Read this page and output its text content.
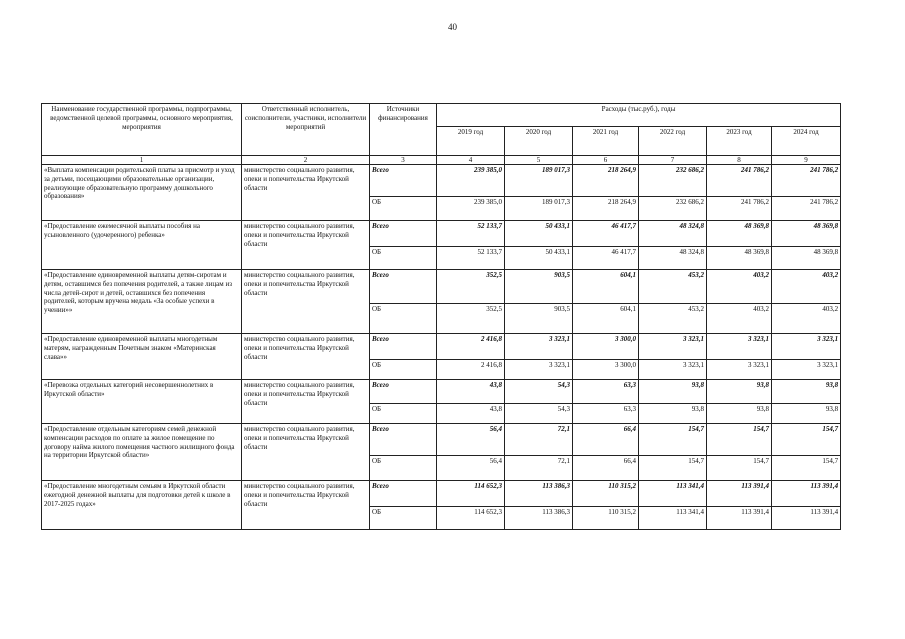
40
Наименование государственной программы, подпрограммы, ведомственной целевой программы, основного мероприятия, мероприятия	Ответственный исполнитель, соисполнители, участники, исполнители мероприятий	Источники финансирования	Расходы (тыс.руб.), годы					
			2019 год	2020 год	2021 год	2022 год	2023 год	2024 год
1	2	3	4	5	6	7	8	9
«Выплата компенсации родительской платы за присмотр и уход за детьми, посещающими образовательные организации, реализующие образовательную программу дошкольного образования»	министерство социального развития, опеки и попечительства Иркутской области	Всего	239 385,0	189 017,3	218 264,9	232 686,2	241 786,2	241 786,2
		ОБ	239 385,0	189 017,3	218 264,9	232 686,2	241 786,2	241 786,2
«Предоставление ежемесячной выплаты пособия на усыновленного (удочеренного) ребенка»	министерство социального развития, опеки и попечительства Иркутской области	Всего	52 133,7	50 433,1	46 417,7	48 324,8	48 369,8	48 369,8
		ОБ	52 133,7	50 433,1	46 417,7	48 324,8	48 369,8	48 369,8
«Предоставление единовременной выплаты детям-сиротам и детям, оставшимся без попечения родителей, а также лицам из числа детей-сирот и детей, оставшихся без попечения родителей, которым вручена медаль «За особые успехи в учении»»	министерство социального развития, опеки и попечительства Иркутской области	Всего	352,5	903,5	604,1	453,2	403,2	403,2
		ОБ	352,5	903,5	604,1	453,2	403,2	403,2
«Предоставление единовременной выплаты многодетным матерям, награжденным Почетным знаком «Материнская слава»»	министерство социального развития, опеки и попечительства Иркутской области	Всего	2 416,8	3 323,1	3 300,0	3 323,1	3 323,1	3 323,1
		ОБ	2 416,8	3 323,1	3 300,0	3 323,1	3 323,1	3 323,1
«Перевозка отдельных категорий несовершеннолетних в Иркутской области»	министерство социального развития, опеки и попечительства Иркутской области	Всего	43,8	54,3	63,3	93,8	93,8	93,8
		ОБ	43,8	54,3	63,3	93,8	93,8	93,8
«Предоставление отдельным категориям семей денежной компенсации расходов по оплате за жилое помещение по договору найма жилого помещения частного жилищного фонда на территории Иркутской области»	министерство социального развития, опеки и попечительства Иркутской области	Всего	56,4	72,1	66,4	154,7	154,7	154,7
		ОБ	56,4	72,1	66,4	154,7	154,7	154,7
«Предоставление многодетным семьям в Иркутской области ежегодной денежной выплаты для подготовки детей к школе в 2017-2025 годах»	министерство социального развития, опеки и попечительства Иркутской области	Всего	114 652,3	113 386,3	110 315,2	113 341,4	113 391,4	113 391,4
		ОБ	114 652,3	113 386,3	110 315,2	113 341,4	113 391,4	113 391,4
